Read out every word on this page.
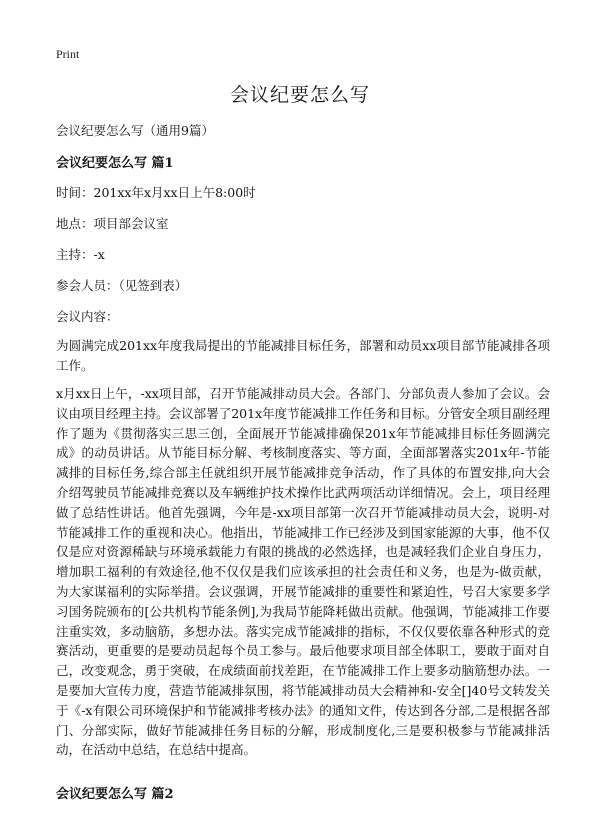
Print
会议纪要怎么写
会议纪要怎么写（通用9篇）
会议纪要怎么写 篇1
时间：201xx年x月xx日上午8:00时
地点：项目部会议室
主持：-x
参会人员：（见签到表）
会议内容：
为圆满完成201xx年度我局提出的节能减排目标任务，部署和动员xx项目部节能减排各项工作。
x月xx日上午，-xx项目部，召开节能减排动员大会。各部门、分部负责人参加了会议。会议由项目经理主持。会议部署了201x年度节能减排工作任务和目标。分管安全项目副经理作了题为《贯彻落实三思三创，全面展开节能减排确保201x年节能减排目标任务圆满完成》的动员讲话。从节能目标分解、考核制度落实、等方面，全面部署落实201x年-节能减排的目标任务,综合部主任就组织开展节能减排竞争活动，作了具体的布置安排,向大会介绍驾驶员节能减排竞赛以及车辆维护技术操作比武两项活动详细情况。会上，项目经理做了总结性讲话。他首先强调，今年是-xx项目部第一次召开节能减排动员大会，说明-对节能减排工作的重视和决心。他指出，节能减排工作已经涉及到国家能源的大事，他不仅仅是应对资源稀缺与环境承载能力有限的挑战的必然选择，也是减轻我们企业自身压力，增加职工福利的有效途径,他不仅仅是我们应该承担的社会责任和义务，也是为-做贡献，为大家谋福利的实际举措。会议强调，开展节能减排的重要性和紧迫性，号召大家要多学习国务院颁布的[公共机构节能条例],为我局节能降耗做出贡献。他强调，节能减排工作要注重实效，多动脑筋，多想办法。落实完成节能减排的指标，不仅仅要依靠各种形式的竞赛活动，更重要的是要动员起每个员工参与。最后他要求项目部全体职工，要敢于面对自己，改变观念，勇于突破，在成绩面前找差距，在节能减排工作上要多动脑筋想办法。一是要加大宣传力度，营造节能减排氛围，将节能减排动员大会精神和-安全[]40号文转发关于《-x有限公司环境保护和节能减排考核办法》的通知文件，传达到各分部,二是根据各部门、分部实际，做好节能减排任务目标的分解，形成制度化,三是要积极参与节能减排活动，在活动中总结，在总结中提高。
会议纪要怎么写 篇2
